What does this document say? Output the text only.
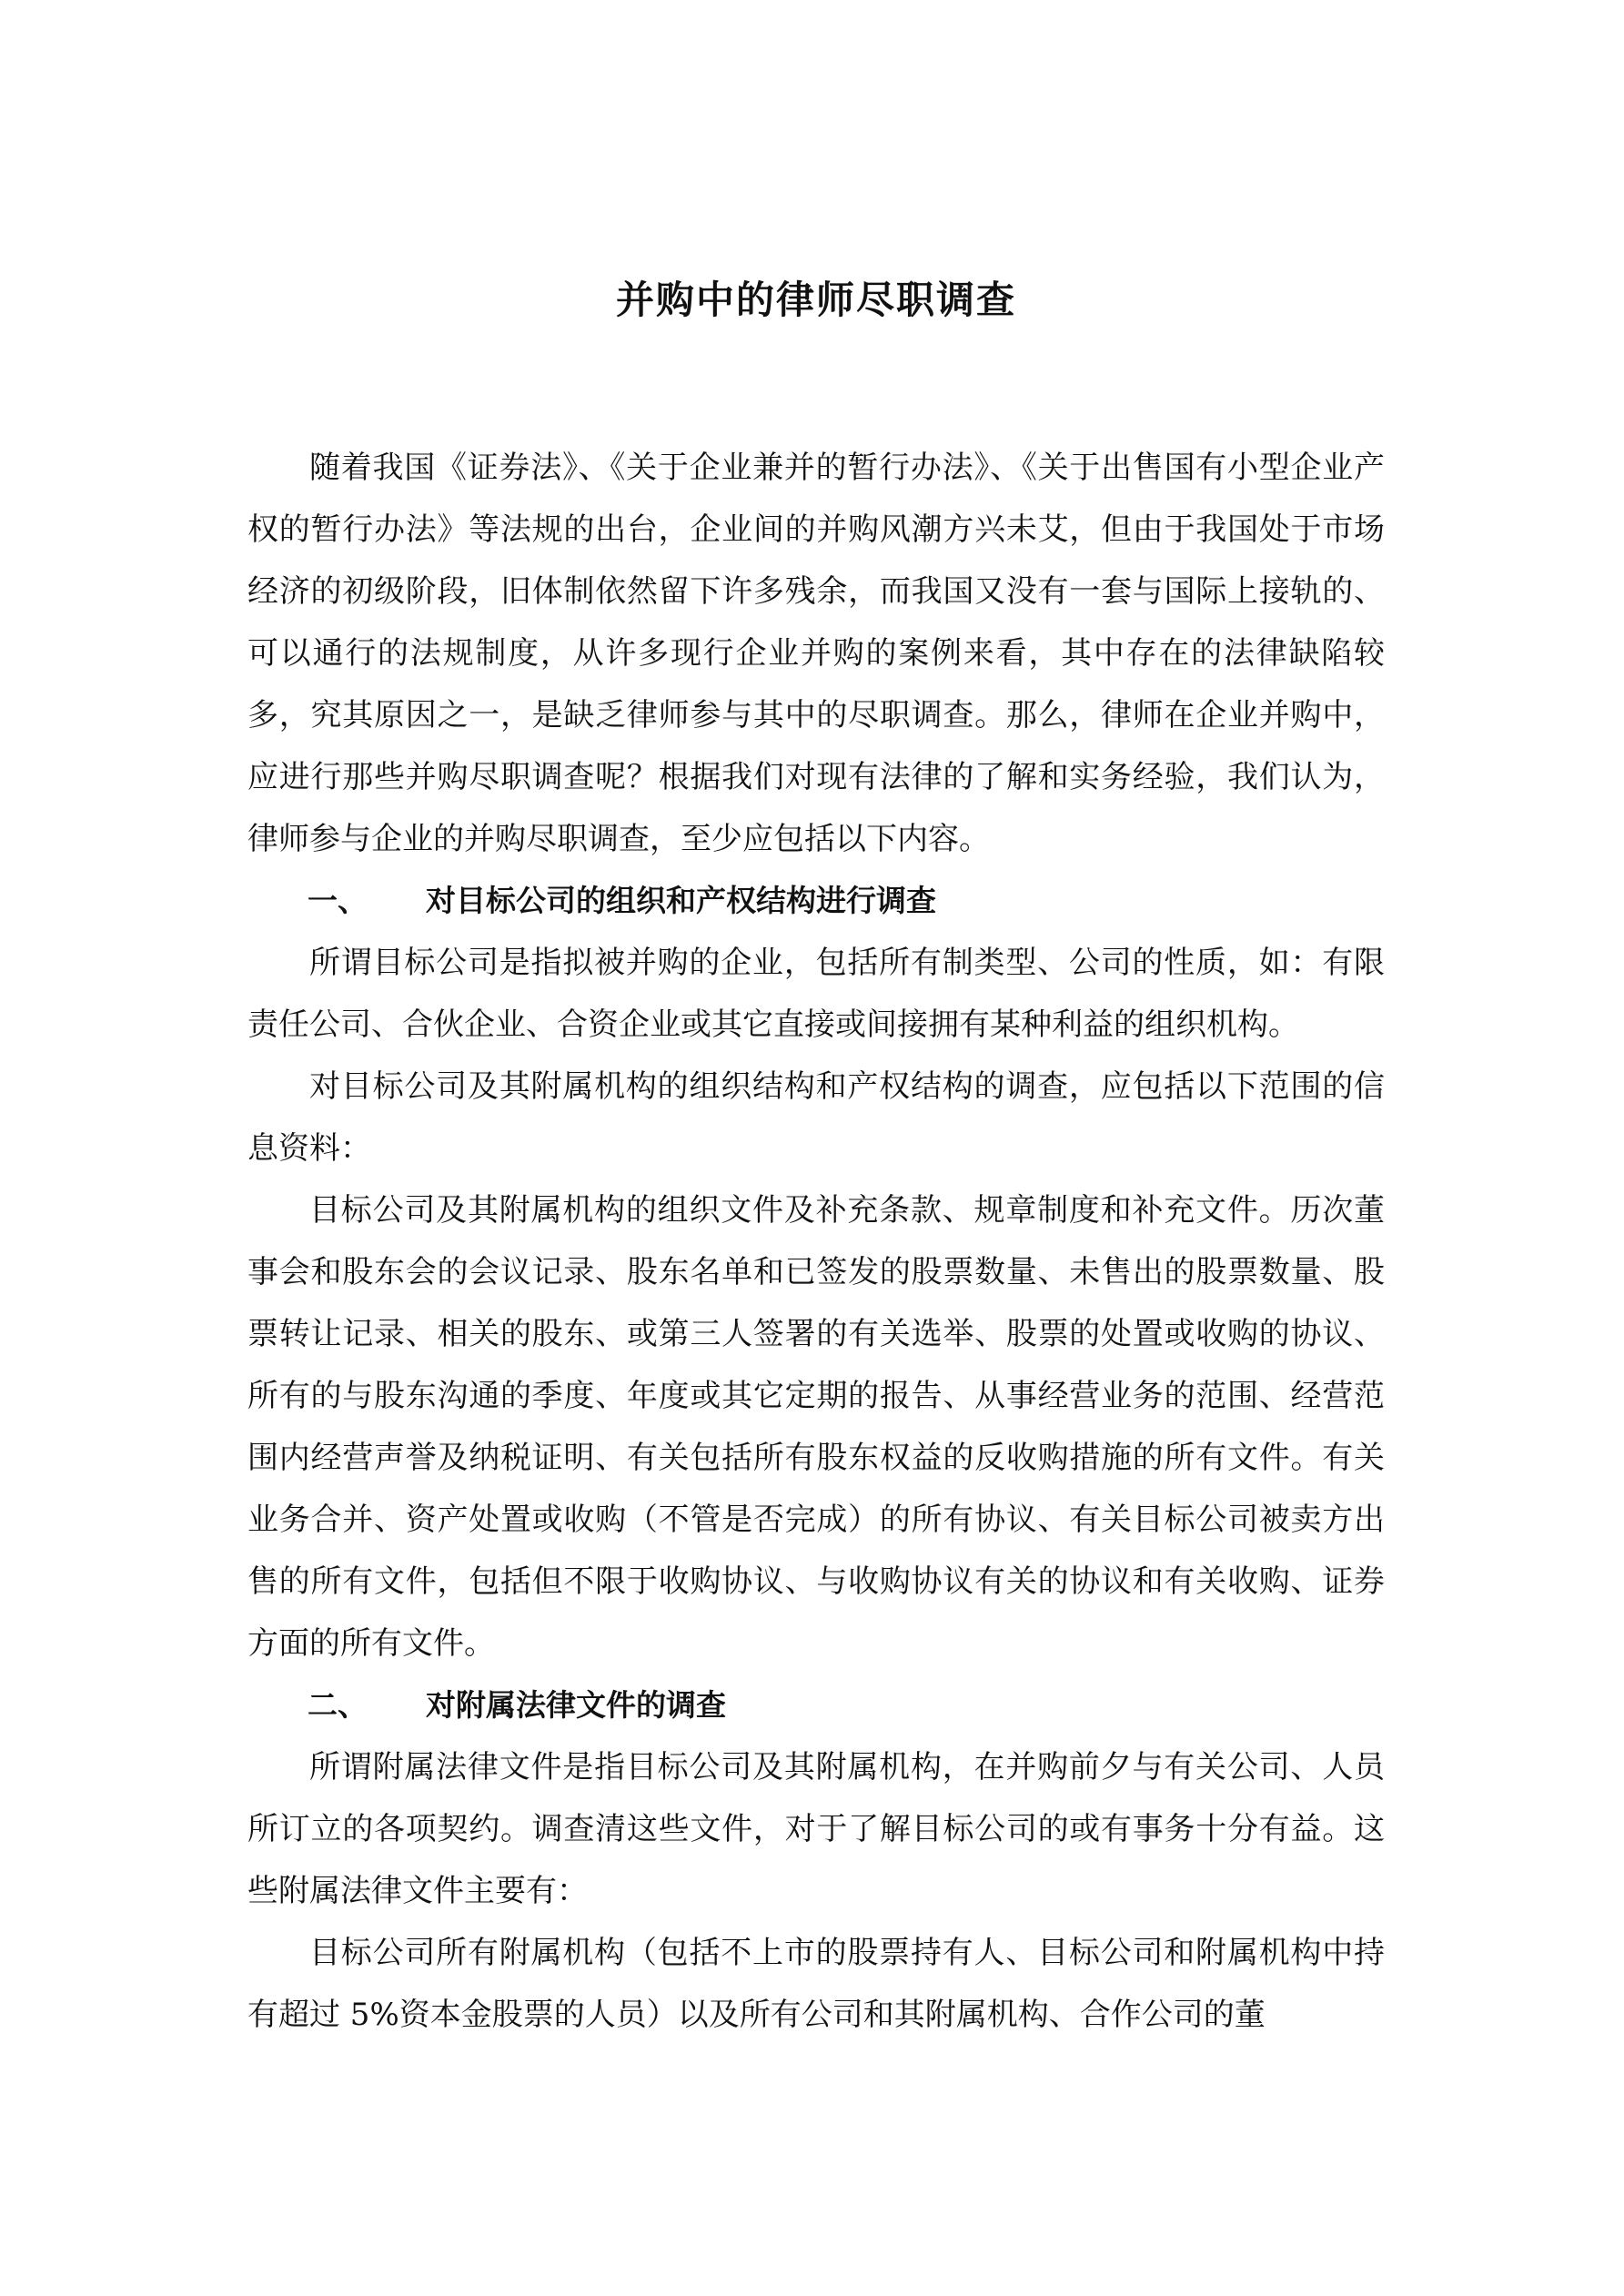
并购中的律师尽职调查

随着我国《证券法》、《关于企业兼并的暂行办法》、《关于出售国有小型企业产权的暂行办法》等法规的出台，企业间的并购风潮方兴未艾，但由于我国处于市场经济的初级阶段，旧体制依然留下许多残余，而我国又没有一套与国际上接轨的、可以通行的法规制度，从许多现行企业并购的案例来看，其中存在的法律缺陷较多，究其原因之一，是缺乏律师参与其中的尽职调查。那么，律师在企业并购中，应进行那些并购尽职调查呢？根据我们对现有法律的了解和实务经验，我们认为，律师参与企业的并购尽职调查，至少应包括以下内容。

一、 对目标公司的组织和产权结构进行调查

所谓目标公司是指拟被并购的企业，包括所有制类型、公司的性质，如：有限责任公司、合伙企业、合资企业或其它直接或间接拥有某种利益的组织机构。

对目标公司及其附属机构的组织结构和产权结构的调查，应包括以下范围的信息资料：

目标公司及其附属机构的组织文件及补充条款、规章制度和补充文件。历次董事会和股东会的会议记录、股东名单和已签发的股票数量、未售出的股票数量、股票转让记录、相关的股东、或第三人签署的有关选举、股票的处置或收购的协议、所有的与股东沟通的季度、年度或其它定期的报告、从事经营业务的范围、经营范围内经营声誉及纳税证明、有关包括所有股东权益的反收购措施的所有文件。有关业务合并、资产处置或收购（不管是否完成）的所有协议、有关目标公司被卖方出售的所有文件，包括但不限于收购协议、与收购协议有关的协议和有关收购、证券方面的所有文件。

二、 对附属法律文件的调查

所谓附属法律文件是指目标公司及其附属机构，在并购前夕与有关公司、人员所订立的各项契约。调查清这些文件，对于了解目标公司的或有事务十分有益。这些附属法律文件主要有：

目标公司所有附属机构（包括不上市的股票持有人、目标公司和附属机构中持有超过 5%资本金股票的人员）以及所有公司和其附属机构、合作公司的董
